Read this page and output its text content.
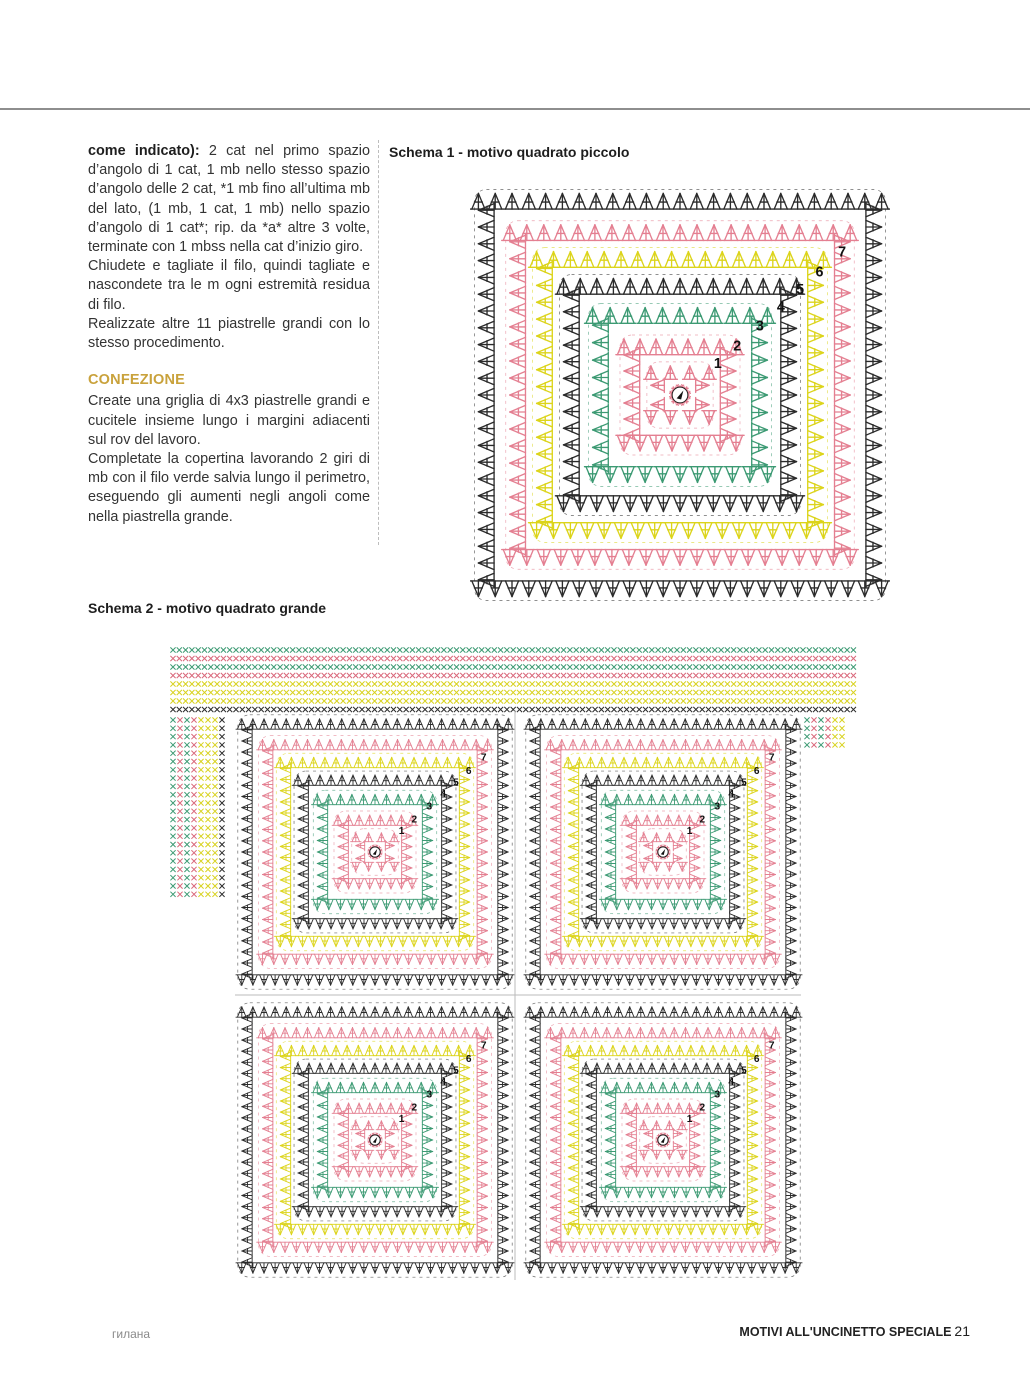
come indicato): 2 cat nel primo spazio d’angolo di 1 cat, 1 mb nello stesso spazio d’angolo delle 2 cat, *1 mb fino all’ultima mb del lato, (1 mb, 1 cat, 1 mb) nello spazio d’angolo di 1 cat*; rip. da *a* altre 3 volte, terminate con 1 mbss nella cat d’inizio giro.

Chiudete e tagliate il filo, quindi tagliate e nascondete tra le m ogni estremità residua di filo.

Realizzate altre 11 piastrelle grandi con lo stesso procedimento.

CONFEZIONE

Create una griglia di 4x3 piastrelle grandi e cucitele insieme lungo i margini adiacenti sul rov del lavoro.

Completate la copertina lavorando 2 giri di mb con il filo verde salvia lungo il perimetro, eseguendo gli aumenti negli angoli come nella piastrella grande.

Schema 1 - motivo quadrato piccolo
1
2
3
4
5
6
7
Schema 2 - motivo quadrato grande
1
2
3
4
5
6
7
1
2
3
4
5
6
7
1
2
3
4
5
6
7
1
2
3
4
5
6
7
гилана	MOTIVI ALL'UNCINETTO SPECIALE 21
